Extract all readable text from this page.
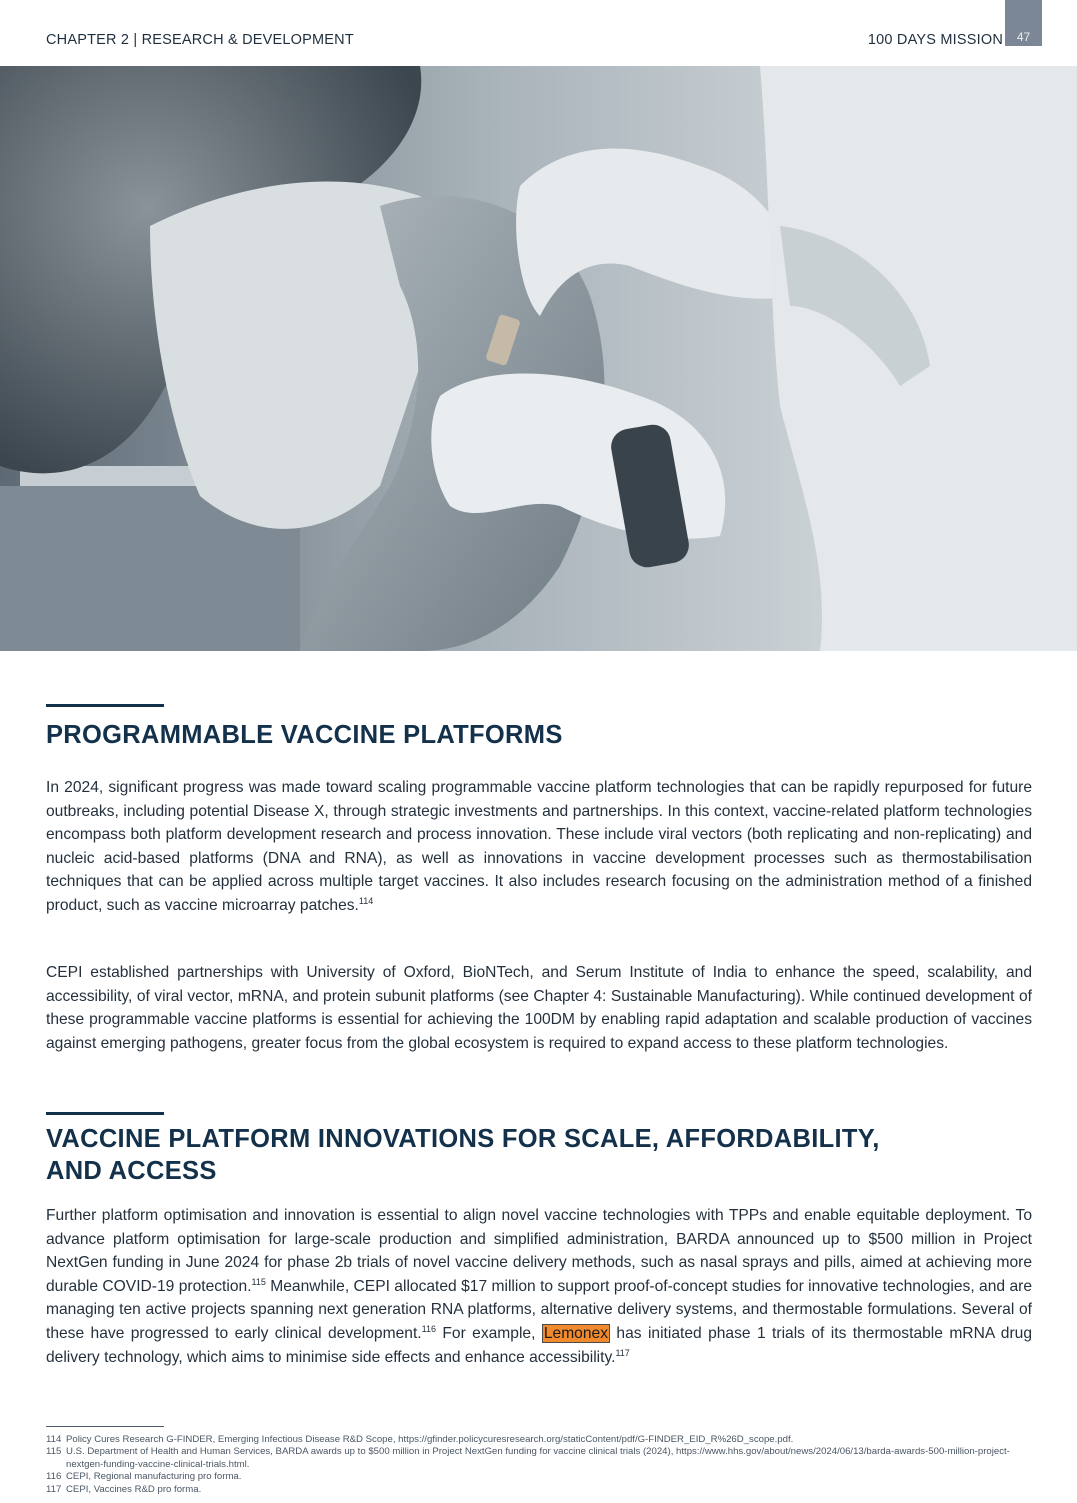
CHAPTER 2 | RESEARCH & DEVELOPMENT	100 DAYS MISSION	47
PROGRAMMABLE VACCINE PLATFORMS

In 2024, significant progress was made toward scaling programmable vaccine platform technologies that can be rapidly repurposed for future outbreaks, including potential Disease X, through strategic investments and partnerships. In this context, vaccine-related platform technologies encompass both platform development research and process innovation. These include viral vectors (both replicating and non-replicating) and nucleic acid-based platforms (DNA and RNA), as well as innovations in vaccine development processes such as thermostabilisation techniques that can be applied across multiple target vaccines. It also includes research focusing on the administration method of a finished product, such as vaccine microarray patches.$^{114}$

CEPI established partnerships with University of Oxford, BioNTech, and Serum Institute of India to enhance the speed, scalability, and accessibility, of viral vector, mRNA, and protein subunit platforms (see Chapter 4: Sustainable Manufacturing). While continued development of these programmable vaccine platforms is essential for achieving the 100DM by enabling rapid adaptation and scalable production of vaccines against emerging pathogens, greater focus from the global ecosystem is required to expand access to these platform technologies.

VACCINE PLATFORM INNOVATIONS FOR SCALE, AFFORDABILITY,
AND ACCESS

Further platform optimisation and innovation is essential to align novel vaccine technologies with TPPs and enable equitable deployment. To advance platform optimisation for large-scale production and simplified administration, BARDA announced up to $500 million in Project NextGen funding in June 2024 for phase 2b trials of novel vaccine delivery methods, such as nasal sprays and pills, aimed at achieving more durable COVID-19 protection.$^{115}$ Meanwhile, CEPI allocated $17 million to support proof-of-concept studies for innovative technologies, and are managing ten active projects spanning next generation RNA platforms, alternative delivery systems, and thermostable formulations. Several of these have progressed to early clinical development.$^{116}$ For example, Lemonex has initiated phase 1 trials of its thermostable mRNA drug delivery technology, which aims to minimise side effects and enhance accessibility.$^{117}$

114 Policy Cures Research G-FINDER, Emerging Infectious Disease R&D Scope, https://gfinder.policycuresresearch.org/staticContent/pdf/G-FINDER_EID_R%26D_scope.pdf.
115 U.S. Department of Health and Human Services, BARDA awards up to $500 million in Project NextGen funding for vaccine clinical trials (2024), https://www.hhs.gov/about/news/2024/06/13/barda-awards-500-million-project-nextgen-funding-vaccine-clinical-trials.html.
116 CEPI, Regional manufacturing pro forma.
117 CEPI, Vaccines R&D pro forma.
